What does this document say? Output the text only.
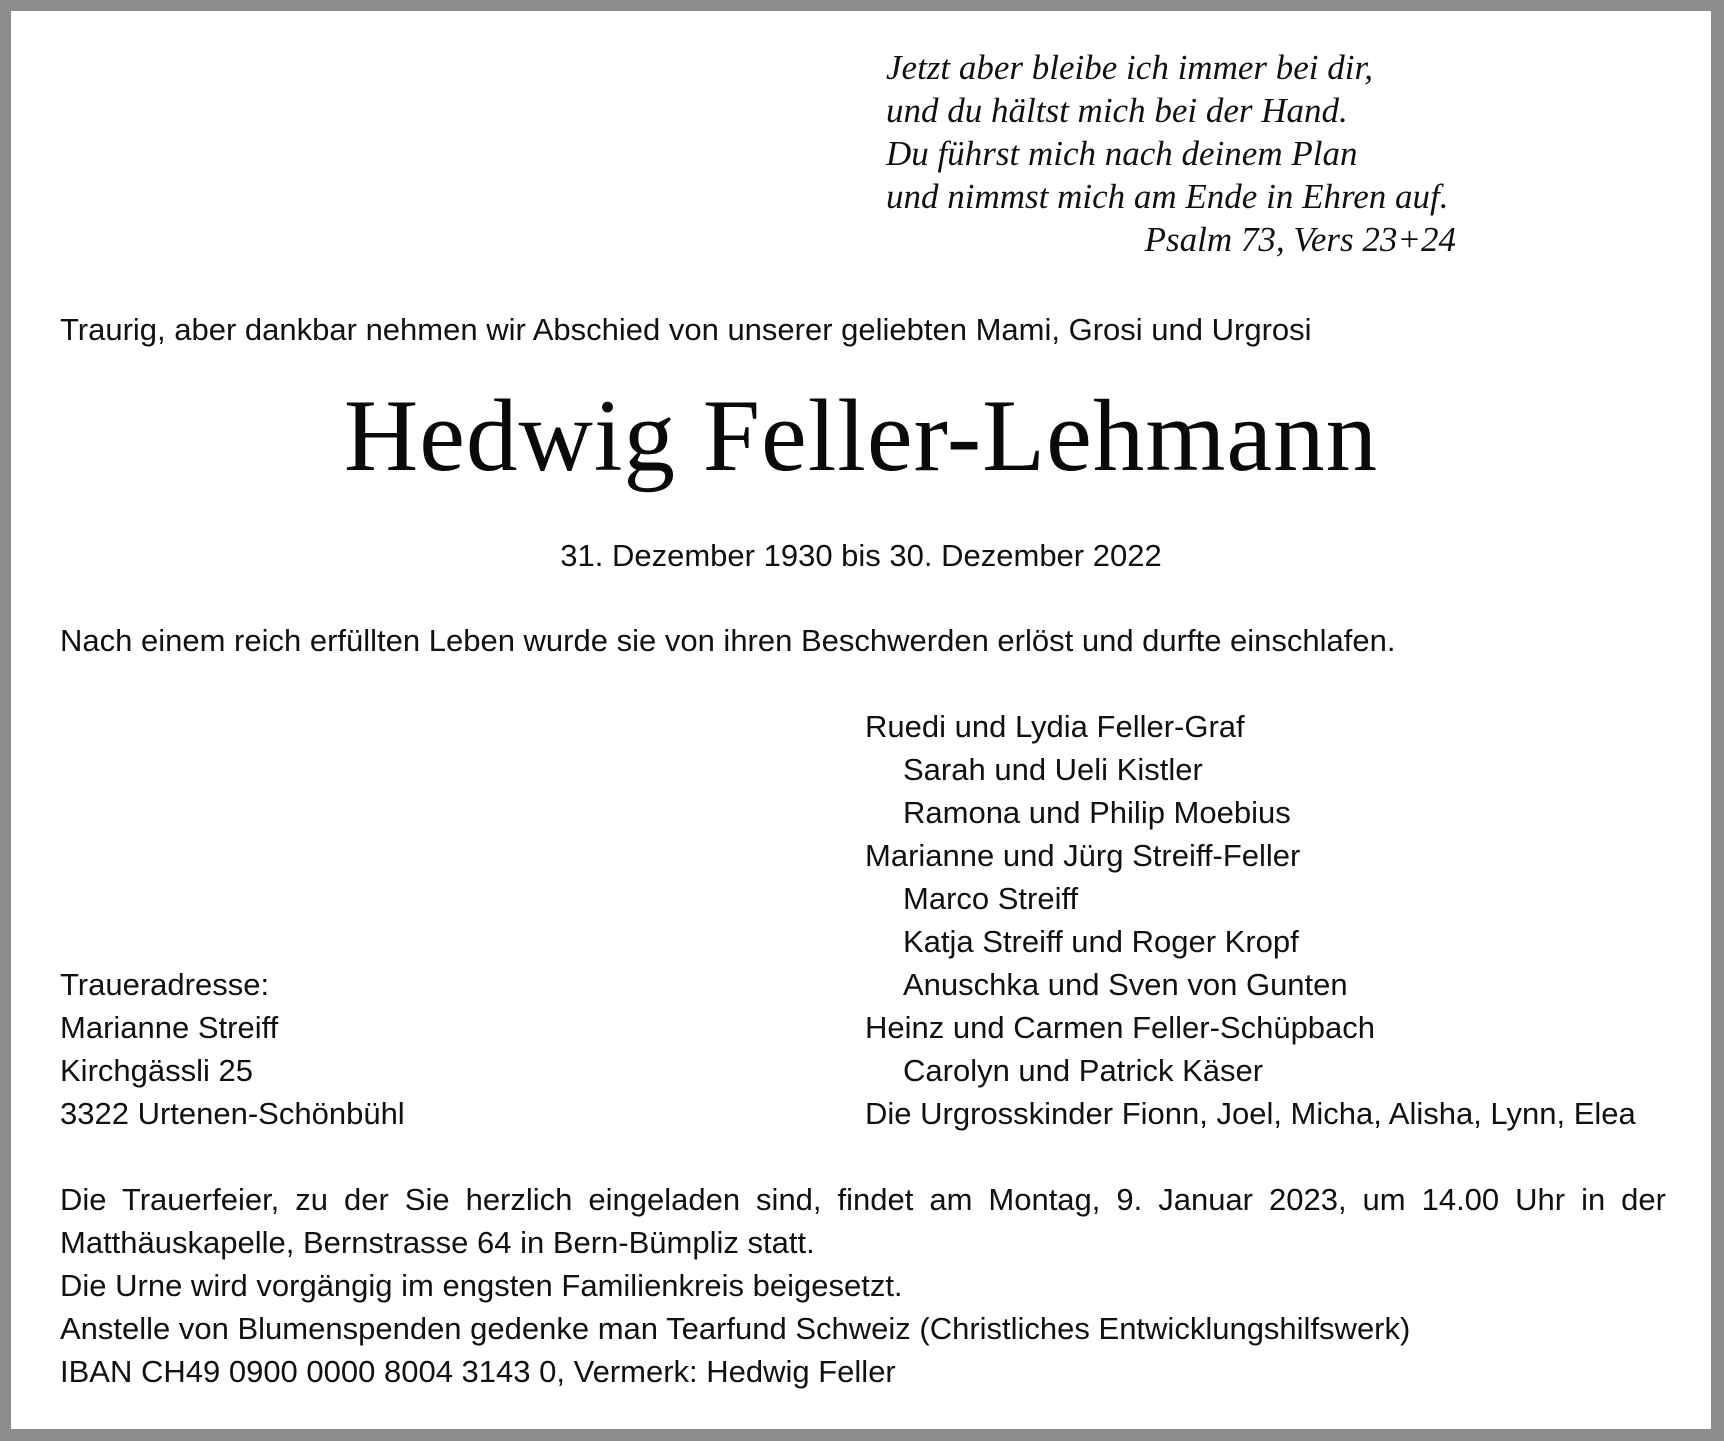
Jetzt aber bleibe ich immer bei dir,
und du hältst mich bei der Hand.
Du führst mich nach deinem Plan
und nimmst mich am Ende in Ehren auf.
Psalm 73, Vers 23+24

Traurig, aber dankbar nehmen wir Abschied von unserer geliebten Mami, Grosi und Urgrosi

Hedwig Feller-Lehmann
31. Dezember 1930 bis 30. Dezember 2022

Nach einem reich erfüllten Leben wurde sie von ihren Beschwerden erlöst und durfte einschlafen.

Ruedi und Lydia Feller-Graf
Sarah und Ueli Kistler
Ramona und Philip Moebius
Marianne und Jürg Streiff-Feller
Marco Streiff
Katja Streiff und Roger Kropf
Anuschka und Sven von Gunten
Heinz und Carmen Feller-Schüpbach
Carolyn und Patrick Käser
Die Urgrosskinder Fionn, Joel, Micha, Alisha, Lynn, Elea
Traueradresse:
Marianne Streiff
Kirchgässli 25
3322 Urtenen-Schönbühl
Die Trauerfeier, zu der Sie herzlich eingeladen sind, findet am Montag, 9. Januar 2023, um 14.00 Uhr in der
Matthäuskapelle, Bernstrasse 64 in Bern-Bümpliz statt.
Die Urne wird vorgängig im engsten Familienkreis beigesetzt.
Anstelle von Blumenspenden gedenke man Tearfund Schweiz (Christliches Entwicklungshilfswerk)
IBAN CH49 0900 0000 8004 3143 0, Vermerk: Hedwig Feller
